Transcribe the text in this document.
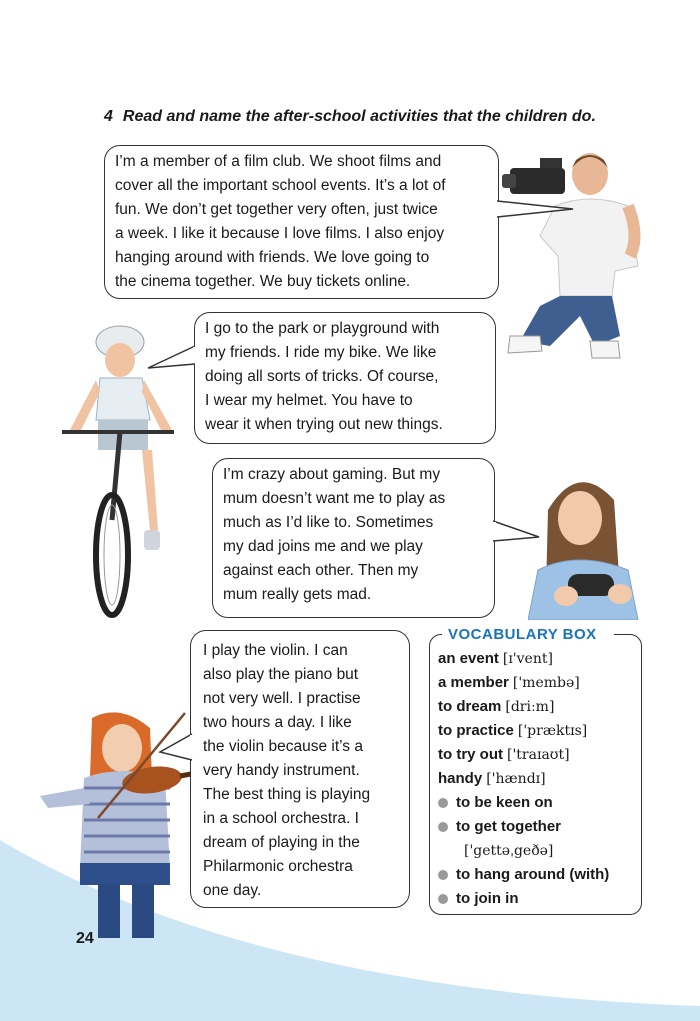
4 Read and name the after-school activities that the children do.
I’m a member of a film club. We shoot films and
cover all the important school events. It’s a lot of
fun. We don’t get together very often, just twice
a week. I like it because I love films. I also enjoy
hanging around with friends. We love going to
the cinema together. We buy tickets online.
I go to the park or playground with
my friends. I ride my bike. We like
doing all sorts of tricks. Of course,
I wear my helmet. You have to
wear it when trying out new things.
I’m crazy about gaming. But my
mum doesn’t want me to play as
much as I’d like to. Sometimes
my dad joins me and we play
against each other. Then my
mum really gets mad.
I play the violin. I can
also play the piano but
not very well. I practise
two hours a day. I like
the violin because it’s a
very handy instrument.
The best thing is playing
in a school orchestra. I
dream of playing in the
Philarmonic orchestra
one day.
an event [ɪ'vent]
a member ['membə]
to dream [driːm]
to practice ['præktɪs]
to try out ['traɪaʊt]
handy ['hændɪ]
to be keen on
to get together
['gettəˌgeðə]
to hang around (with)
to join in
VOCABULARY BOX
24
